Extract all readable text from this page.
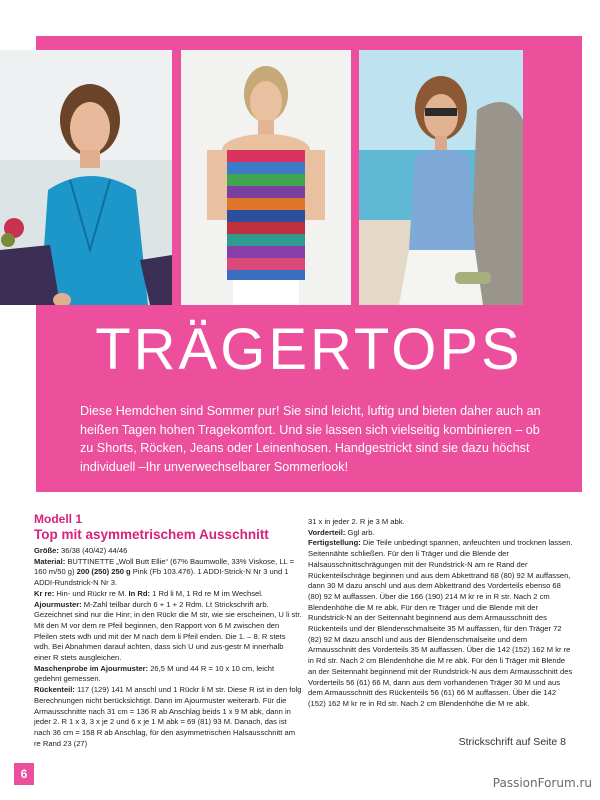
TRÄGERTOPS
Diese Hemdchen sind Sommer pur! Sie sind leicht, luftig und bieten daher auch an heißen Tagen hohen Tragekomfort. Und sie lassen sich vielseitig kombinieren – ob zu Shorts, Röcken, Jeans oder Leinenhosen. Handgestrickt sind sie dazu höchst individuell –Ihr unverwechselbarer Sommerlook!
Modell 1
Top mit asymmetrischem Ausschnitt

Größe: 36/38 (40/42) 44/46

Material: BUTTINETTE „Woll Butt Ellie“ (67% Baumwolle, 33% Viskose, LL = 160 m/50 g) 200 (250) 250 g Pink (Fb 103.476). 1 ADDI-Strick-N Nr 3 und 1 ADDI-Rundstrick-N Nr 3.

Kr re: Hin- und Rückr re M. In Rd: 1 Rd li M, 1 Rd re M im Wechsel.

Ajourmuster: M-Zahl teilbar durch 6 + 1 + 2 Rdm. Lt Strickschrift arb. Gezeichnet sind nur die Hinr; in den Rückr die M str, wie sie erscheinen, U li str. Mit den M vor dem re Pfeil beginnen, den Rapport von 6 M zwischen den Pfeilen stets wdh und mit der M nach dem li Pfeil enden. Die 1. – 8. R stets wdh. Bei Abnahmen darauf achten, dass sich U und zus-gestr M innerhalb einer R stets ausgleichen.

Maschenprobe im Ajourmuster: 26,5 M und 44 R = 10 x 10 cm, leicht gedehnt gemessen.

Rückenteil: 117 (129) 141 M anschl und 1 Rückr li M str. Diese R ist in den folg Berechnungen nicht berücksichtigt. Dann im Ajourmuster weiterarb. Für die Armausschnitte nach 31 cm = 136 R ab Anschlag beids 1 x 9 M abk, dann in jeder 2. R 1 x 3, 3 x je 2 und 6 x je 1 M abk = 69 (81) 93 M. Danach, das ist nach 36 cm = 158 R ab Anschlag, für den asymmetrischen Halsausschnitt am re Rand 23 (27)

31 x in jeder 2. R je 3 M abk.

Vorderteil: Ggl arb.

Fertigstellung: Die Teile unbedingt spannen, anfeuchten und trocknen lassen. Seitennähte schließen. Für den li Träger und die Blende der Halsausschnittschrägungen mit der Rundstrick-N am re Rand der Rückenteilschräge beginnen und aus dem Abkettrand 68 (80) 92 M auffassen, dann 30 M dazu anschl und aus dem Abkettrand des Vorderteils ebenso 68 (80) 92 M auffassen. Über die 166 (190) 214 M kr re in R str. Nach 2 cm Blendenhöhe die M re abk. Für den re Träger und die Blende mit der Rundstrick-N an der Seitennaht beginnend aus dem Armausschnitt des Rückenteils und der Blendenschmalseite 35 M auffassen, für den Träger 72 (82) 92 M dazu anschl und aus der Blendenschmalseite und dem Armausschnitt des Vorderteils 35 M auffassen. Über die 142 (152) 162 M kr re in Rd str. Nach 2 cm Blendenhöhe die M re abk. Für den li Träger mit Blende an der Seitennaht beginnend mit der Rundstrick-N aus dem Armausschnitt des Vorderteils 56 (61) 66 M, dann aus dem vorhandenen Träger 30 M und aus dem Armausschnitt des Rückenteils 56 (61) 66 M auffassen. Über die 142 (152) 162 M kr re in Rd str. Nach 2 cm Blendenhöhe die M re abk.

Strickschrift auf Seite 8
6
PassionForum.ru
